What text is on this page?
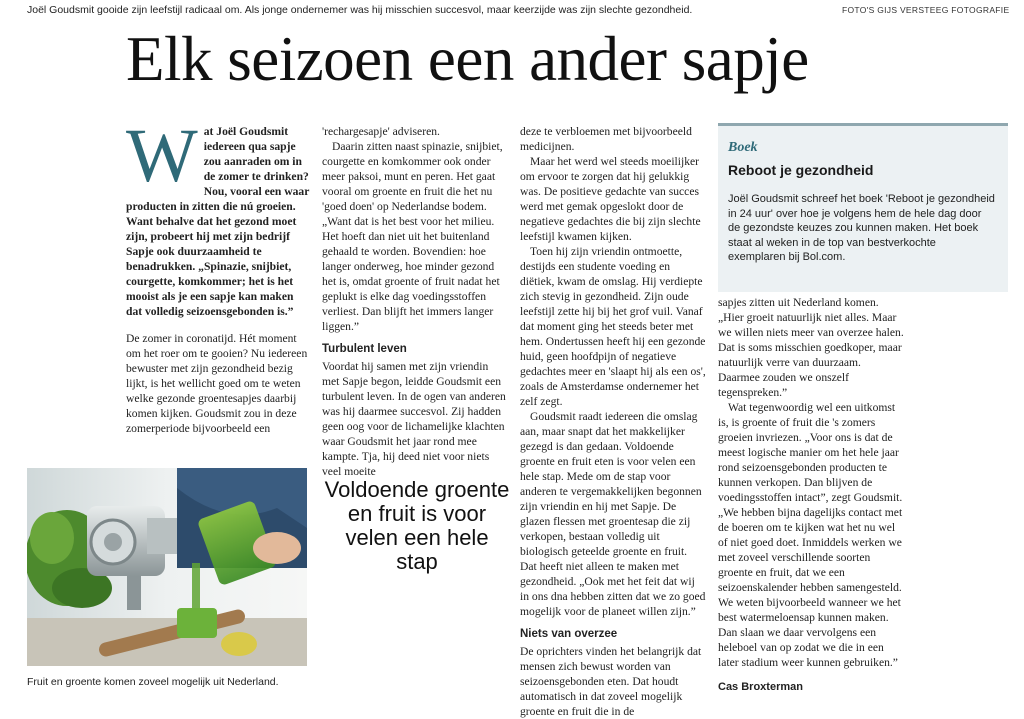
Joël Goudsmit gooide zijn leefstijl radicaal om. Als jonge ondernemer was hij misschien succesvol, maar keerzijde was zijn slechte gezondheid.	FOTO'S GIJS VERSTEEG FOTOGRAFIE
Elk seizoen een ander sapje

Wat Joël Goudsmit iedereen qua sapje zou aanraden om in de zomer te drinken? Nou, vooral een waar producten in zitten die nú groeien. Want behalve dat het gezond moet zijn, probeert hij met zijn bedrijf Sapje ook duurzaamheid te benadrukken. „Spinazie, snijbiet, courgette, komkommer; het is het mooist als je een sapje kan maken dat volledig seizoensgebonden is.”

De zomer in coronatijd. Hét moment om het roer om te gooien? Nu iedereen bewuster met zijn gezondheid bezig lijkt, is het wellicht goed om te weten welke gezonde groentesapjes daarbij komen kijken. Goudsmit zou in deze zomerperiode bijvoorbeeld een

'rechargesapje' adviseren.

Daarin zitten naast spinazie, snijbiet, courgette en komkommer ook onder meer paksoi, munt en peren. Het gaat vooral om groente en fruit die het nu 'goed doen' op Nederlandse bodem. „Want dat is het best voor het milieu. Het hoeft dan niet uit het buitenland gehaald te worden. Bovendien: hoe langer onderweg, hoe minder gezond het is, omdat groente of fruit nadat het geplukt is elke dag voedingsstoffen verliest. Dan blijft het immers langer liggen.”

Turbulent leven

Voordat hij samen met zijn vriendin met Sapje begon, leidde Goudsmit een turbulent leven. In de ogen van anderen was hij daarmee succesvol. Zij hadden geen oog voor de lichamelijke klachten waar Goudsmit het jaar rond mee kampte. Tja, hij deed niet voor niets veel moeite

deze te verbloemen met bijvoorbeeld medicijnen.

Maar het werd wel steeds moeilijker om ervoor te zorgen dat hij gelukkig was. De positieve gedachte van succes werd met gemak opgeslokt door de negatieve gedachtes die bij zijn slechte leefstijl kwamen kijken.

Toen hij zijn vriendin ontmoette, destijds een studente voeding en diëtiek, kwam de omslag. Hij verdiepte zich stevig in gezondheid. Zijn oude leefstijl zette hij bij het grof vuil. Vanaf dat moment ging het steeds beter met hem. Ondertussen heeft hij een gezonde huid, geen hoofdpijn of negatieve gedachtes meer en 'slaapt hij als een os', zoals de Amsterdamse ondernemer het zelf zegt.

Goudsmit raadt iedereen die omslag aan, maar snapt dat het makkelijker gezegd is dan gedaan. Voldoende groente en fruit eten is voor velen een hele stap. Mede om de stap voor anderen te vergemakkelijken begonnen zijn vriendin en hij met Sapje. De glazen flessen met groentesap die zij verkopen, bestaan volledig uit biologisch geteelde groente en fruit. Dat heeft niet alleen te maken met gezondheid. „Ook met het feit dat wij in ons dna hebben zitten dat we zo goed mogelijk voor de planeet willen zijn.”

Niets van overzee

De oprichters vinden het belangrijk dat mensen zich bewust worden van seizoensgebonden eten. Dat houdt automatisch in dat zoveel mogelijk groente en fruit die in de

Boek
Reboot je gezondheid
Joël Goudsmit schreef het boek 'Reboot je gezondheid in 24 uur' over hoe je volgens hem de hele dag door de gezondste keuzes zou kunnen maken. Het boek staat al weken in de top van bestverkochte exemplaren bij Bol.com.

sapjes zitten uit Nederland komen. „Hier groeit natuurlijk niet alles. Maar we willen niets meer van overzee halen. Dat is soms misschien goedkoper, maar natuurlijk verre van duurzaam. Daarmee zouden we onszelf tegenspreken.”

Wat tegenwoordig wel een uitkomst is, is groente of fruit die 's zomers groeien invriezen. „Voor ons is dat de meest logische manier om het hele jaar rond seizoensgebonden producten te kunnen verkopen. Dan blijven de voedingsstoffen intact”, zegt Goudsmit. „We hebben bijna dagelijks contact met de boeren om te kijken wat het nu wel of niet goed doet. Inmiddels werken we met zoveel verschillende soorten groente en fruit, dat we een seizoenskalender hebben samengesteld. We weten bijvoorbeeld wanneer we het best watermeloensap kunnen maken. Dan slaan we daar vervolgens een heleboel van op zodat we die in een later stadium weer kunnen gebruiken.”

Cas Broxterman

Fruit en groente komen zoveel mogelijk uit Nederland.
Voldoende groente en fruit is voor velen een hele stap
